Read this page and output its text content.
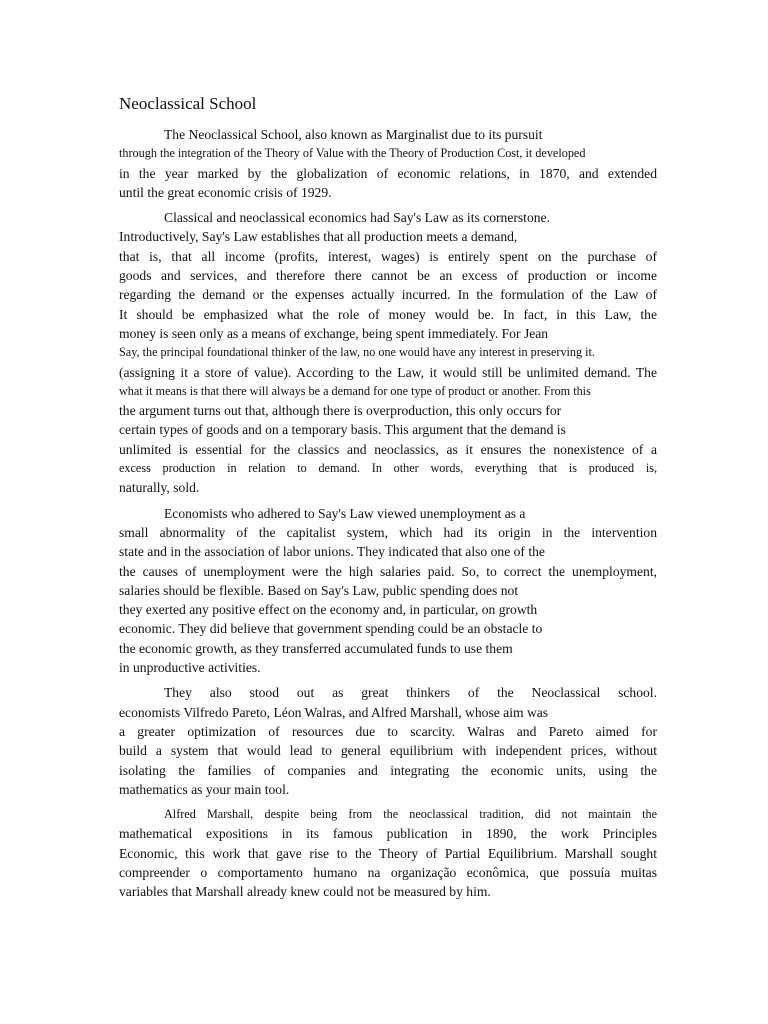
Neoclassical School
The Neoclassical School, also known as Marginalist due to its pursuit
through the integration of the Theory of Value with the Theory of Production Cost, it developed
in the year marked by the globalization of economic relations, in 1870, and extended
until the great economic crisis of 1929.
Classical and neoclassical economics had Say's Law as its cornerstone.
Introductively, Say's Law establishes that all production meets a demand,
that is, that all income (profits, interest, wages) is entirely spent on the purchase of
goods and services, and therefore there cannot be an excess of production or income
regarding the demand or the expenses actually incurred. In the formulation of the Law of
It should be emphasized what the role of money would be. In fact, in this Law, the
money is seen only as a means of exchange, being spent immediately. For Jean
Say, the principal foundational thinker of the law, no one would have any interest in preserving it.
(assigning it a store of value). According to the Law, it would still be unlimited demand. The
what it means is that there will always be a demand for one type of product or another. From this
the argument turns out that, although there is overproduction, this only occurs for
certain types of goods and on a temporary basis. This argument that the demand is
unlimited is essential for the classics and neoclassics, as it ensures the nonexistence of a
excess production in relation to demand. In other words, everything that is produced is,
naturally, sold.
Economists who adhered to Say's Law viewed unemployment as a
small abnormality of the capitalist system, which had its origin in the intervention
state and in the association of labor unions. They indicated that also one of the
the causes of unemployment were the high salaries paid. So, to correct the unemployment,
salaries should be flexible. Based on Say's Law, public spending does not
they exerted any positive effect on the economy and, in particular, on growth
economic. They did believe that government spending could be an obstacle to
the economic growth, as they transferred accumulated funds to use them
in unproductive activities.
They also stood out as great thinkers of the Neoclassical school.
economists Vilfredo Pareto, Léon Walras, and Alfred Marshall, whose aim was
a greater optimization of resources due to scarcity. Walras and Pareto aimed for
build a system that would lead to general equilibrium with independent prices, without
isolating the families of companies and integrating the economic units, using the
mathematics as your main tool.
Alfred Marshall, despite being from the neoclassical tradition, did not maintain the
mathematical expositions in its famous publication in 1890, the work Principles
Economic, this work that gave rise to the Theory of Partial Equilibrium. Marshall sought
compreender o comportamento humano na organização econômica, que possuía muitas
variables that Marshall already knew could not be measured by him.
